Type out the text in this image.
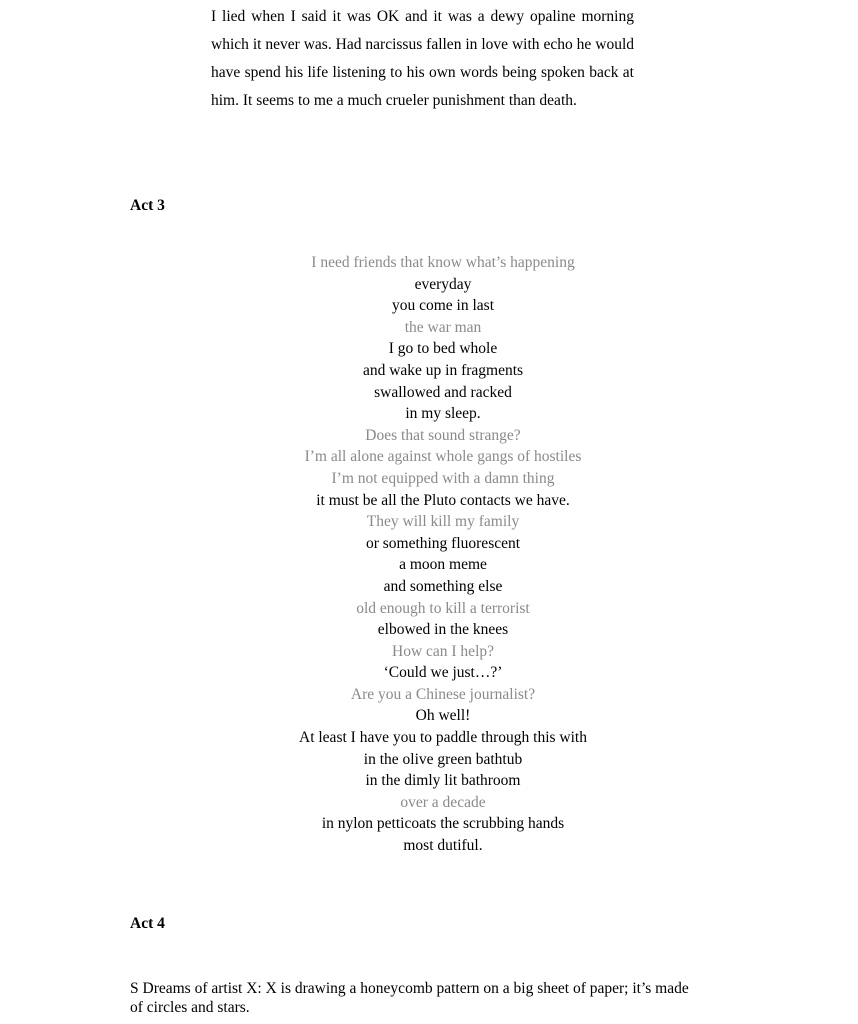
I lied when I said it was OK and it was a dewy opaline morning which it never was. Had narcissus fallen in love with echo he would have spend his life listening to his own words being spoken back at him. It seems to me a much crueler punishment than death.

Act 3
I need friends that know what’s happening
everyday
you come in last
the war man
I go to bed whole
and wake up in fragments
swallowed and racked
in my sleep.
Does that sound strange?
I’m all alone against whole gangs of hostiles
I’m not equipped with a damn thing
it must be all the Pluto contacts we have.
They will kill my family
or something fluorescent
a moon meme
and something else
old enough to kill a terrorist
elbowed in the knees
How can I help?
‘Could we just…?’
Are you a Chinese journalist?
Oh well!
At least I have you to paddle through this with
in the olive green bathtub
in the dimly lit bathroom
over a decade
in nylon petticoats the scrubbing hands
most dutiful.
Act 4

S Dreams of artist X: X is drawing a honeycomb pattern on a big sheet of paper; it’s made of circles and stars.
